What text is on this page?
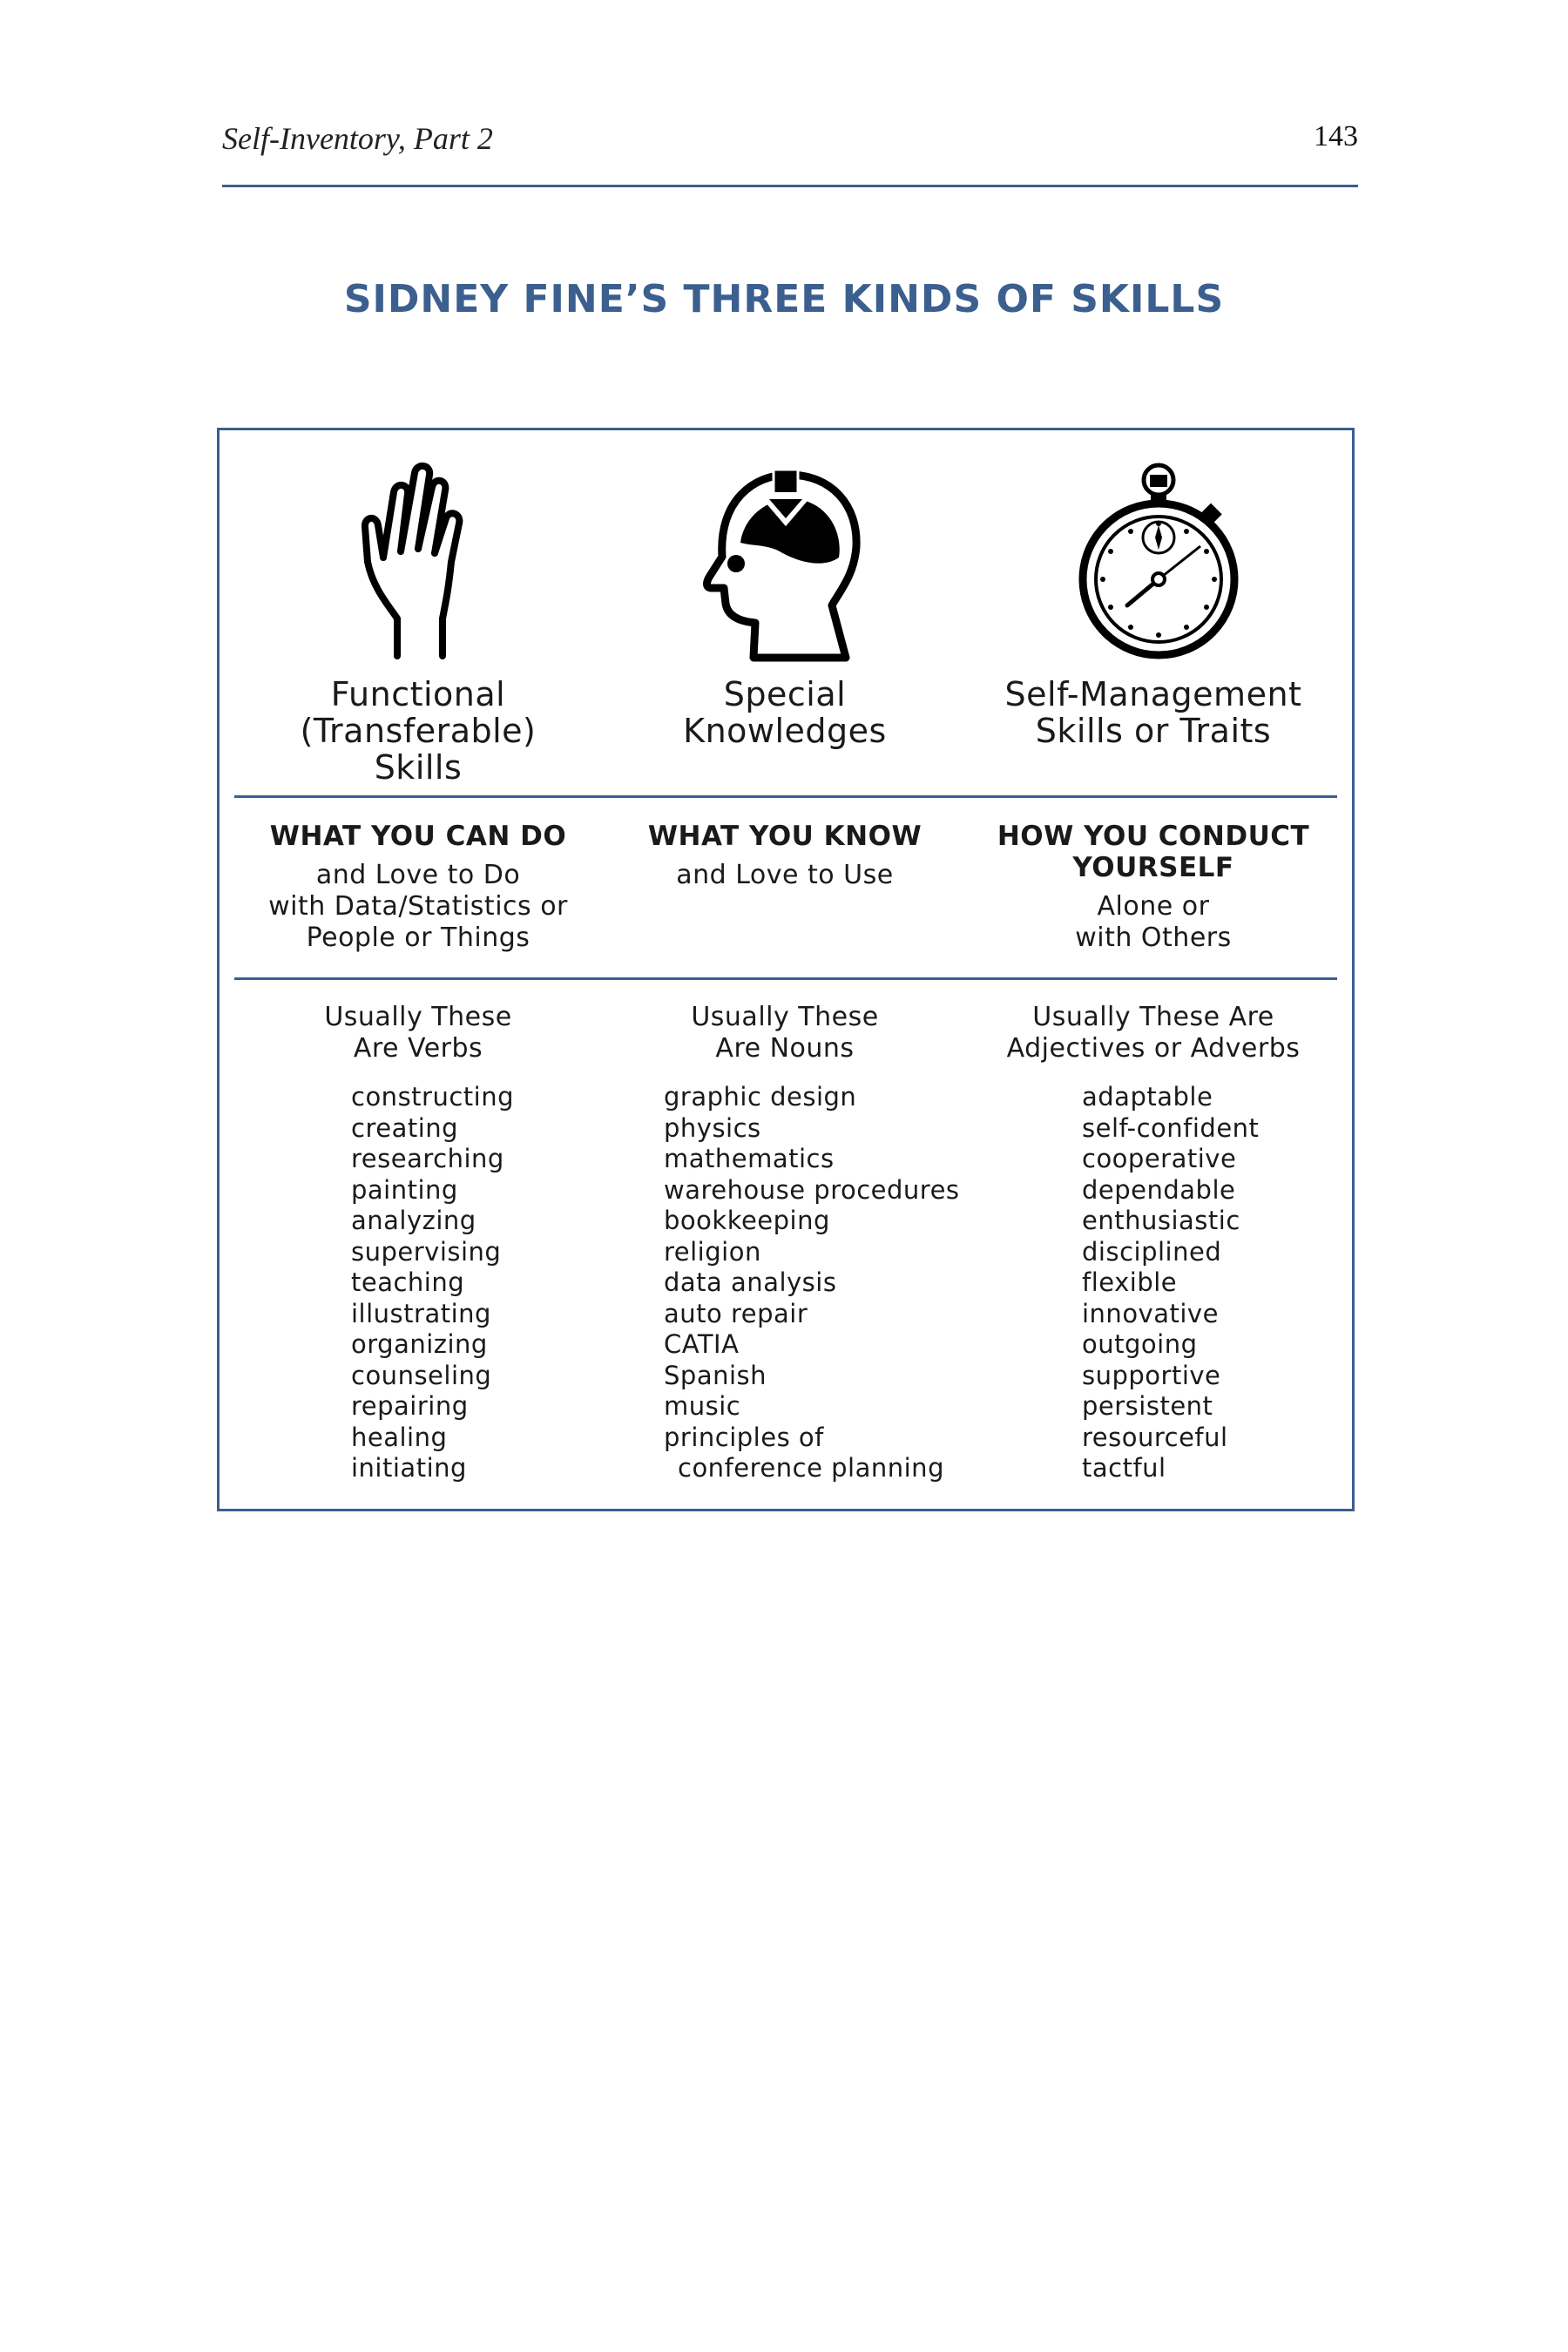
Self-Inventory, Part 2	143
SIDNEY FINE’S THREE KINDS OF SKILLS
Functional
(Transferable)
Skills
WHAT YOU CAN DO
and Love to Do
with Data/Statistics or
People or Things
Usually These
Are Verbs
constructing
creating
researching
painting
analyzing
supervising
teaching
illustrating
organizing
counseling
repairing
healing
initiating
Special
Knowledges
WHAT YOU KNOW
and Love to Use
Usually These
Are Nouns
graphic design
physics
mathematics
warehouse procedures
bookkeeping
religion
data analysis
auto repair
CATIA
Spanish
music
principles of
conference planning
Self-Management
Skills or Traits
HOW YOU CONDUCT
YOURSELF
Alone or
with Others
Usually These Are
Adjectives or Adverbs
adaptable
self-confident
cooperative
dependable
enthusiastic
disciplined
flexible
innovative
outgoing
supportive
persistent
resourceful
tactful
